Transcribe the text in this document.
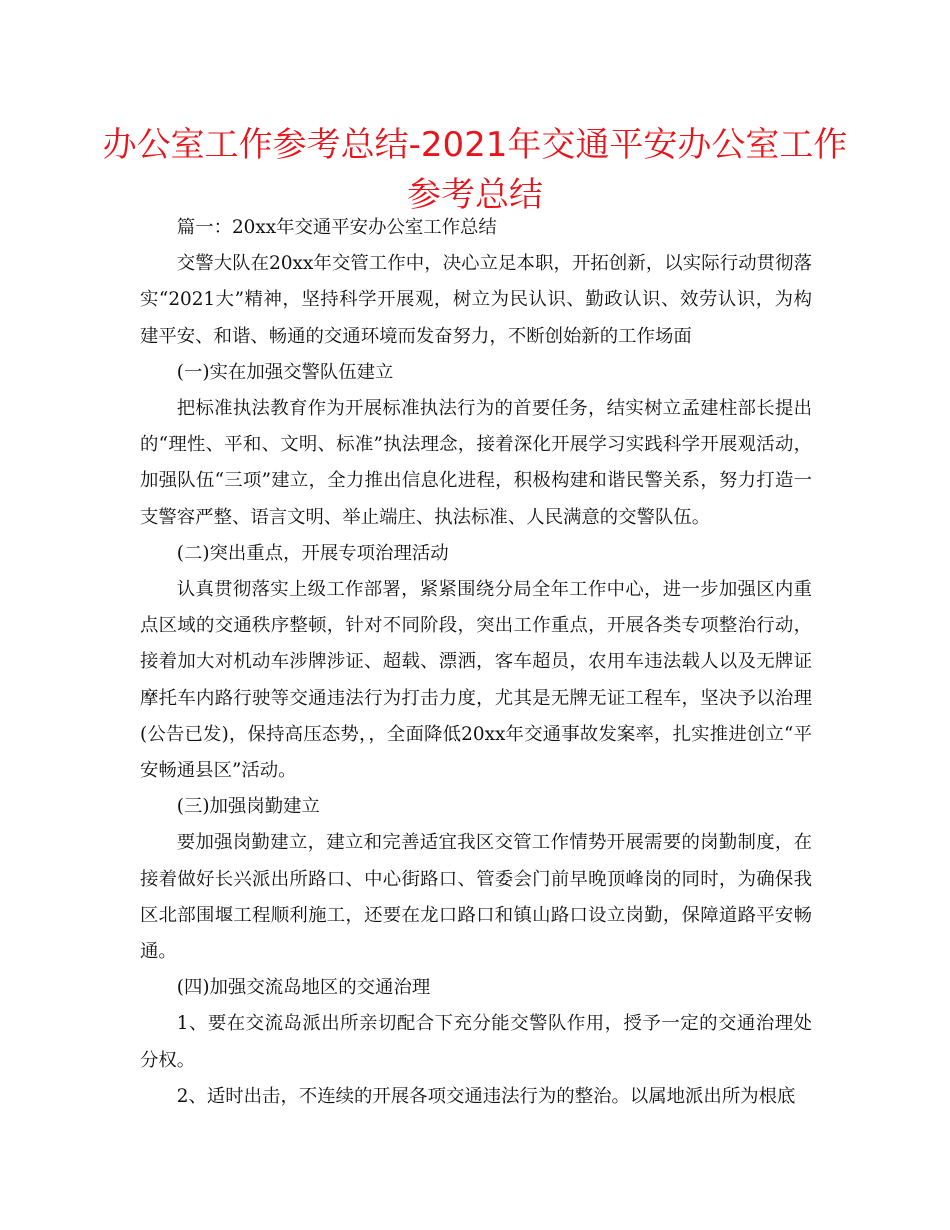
办公室工作参考总结-2021年交通平安办公室工作参考总结

篇一：20xx年交通平安办公室工作总结

交警大队在20xx年交管工作中，决心立足本职，开拓创新，以实际行动贯彻落实“2021大”精神，坚持科学开展观，树立为民认识、勤政认识、效劳认识，为构建平安、和谐、畅通的交通环境而发奋努力，不断创始新的工作场面

(一)实在加强交警队伍建立

把标准执法教育作为开展标准执法行为的首要任务，结实树立孟建柱部长提出的“理性、平和、文明、标准”执法理念，接着深化开展学习实践科学开展观活动，加强队伍“三项”建立，全力推出信息化进程，积极构建和谐民警关系，努力打造一支警容严整、语言文明、举止端庄、执法标准、人民满意的交警队伍。

(二)突出重点，开展专项治理活动

认真贯彻落实上级工作部署，紧紧围绕分局全年工作中心，进一步加强区内重点区域的交通秩序整顿，针对不同阶段，突出工作重点，开展各类专项整治行动，接着加大对机动车涉牌涉证、超载、漂洒，客车超员，农用车违法载人以及无牌证摩托车内路行驶等交通违法行为打击力度，尤其是无牌无证工程车，坚决予以治理(公告已发)，保持高压态势，，全面降低20xx年交通事故发案率，扎实推进创立“平安畅通县区”活动。

(三)加强岗勤建立

要加强岗勤建立，建立和完善适宜我区交管工作情势开展需要的岗勤制度，在接着做好长兴派出所路口、中心街路口、管委会门前早晚顶峰岗的同时，为确保我区北部围堰工程顺利施工，还要在龙口路口和镇山路口设立岗勤，保障道路平安畅通。

(四)加强交流岛地区的交通治理

1、要在交流岛派出所亲切配合下充分能交警队作用，授予一定的交通治理处分权。

2、适时出击，不连续的开展各项交通违法行为的整治。以属地派出所为根底
